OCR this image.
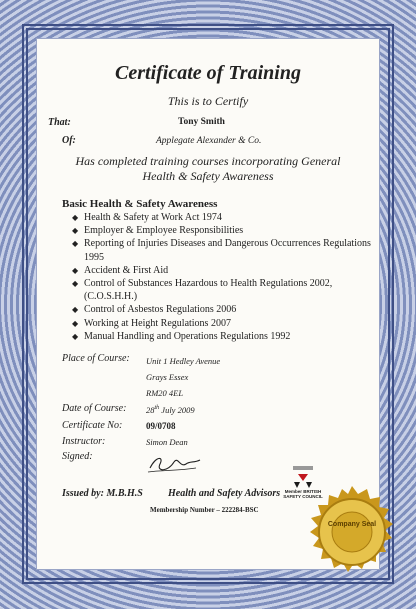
Certificate of Training
This is to Certify
That:	Tony Smith
Of:	Applegate Alexander & Co.
Has completed training courses incorporating General Health & Safety Awareness
Basic Health & Safety Awareness
◆ Health & Safety at Work Act 1974
◆ Employer & Employee Responsibilities
◆ Reporting of Injuries Diseases and Dangerous Occurrences Regulations 1995
◆ Accident & First Aid
◆ Control of Substances Hazardous to Health Regulations 2002, (C.O.S.H.H.)
◆ Control of Asbestos Regulations 2006
◆ Working at Height Regulations 2007
◆ Manual Handling and Operations Regulations 1992
Place of Course: Unit 1 Hedley Avenue
Grays Essex
RM20 4EL
Date of Course: 28th July 2009
Certificate No:	09/0708
Instructor:	Simon Dean
Signed:
Issued by: M.B.H.S	Health and Safety Advisors
Membership Number – 222284-BSC
Member BRITISH SAFETY COUNCIL
Company Seal
